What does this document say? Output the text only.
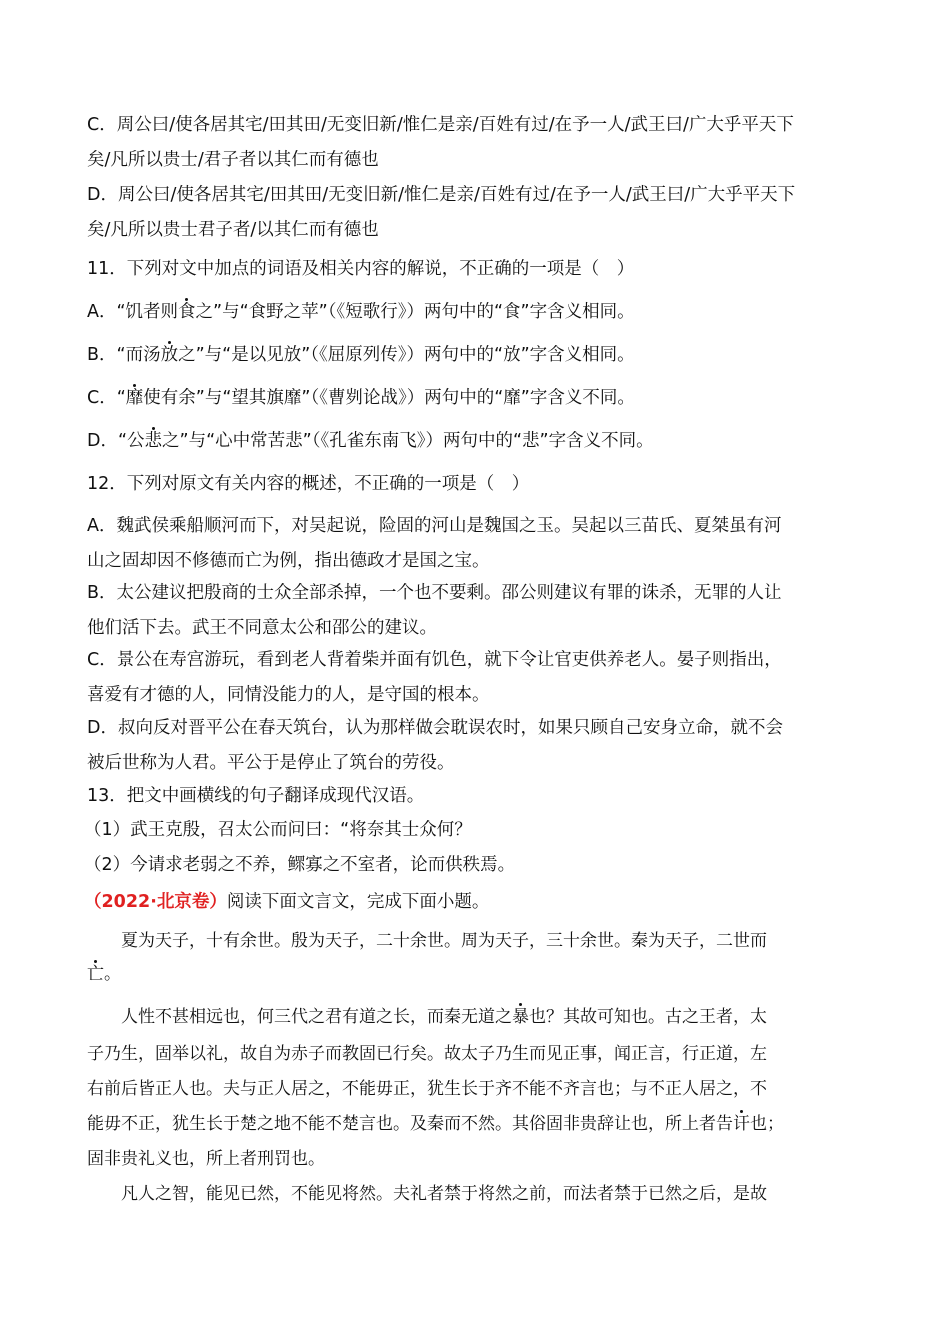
C．周公曰/使各居其宅/田其田/无变旧新/惟仁是亲/百姓有过/在予一人/武王曰/广大乎平天下
矣/凡所以贵士/君子者以其仁而有德也
D．周公曰/使各居其宅/田其田/无变旧新/惟仁是亲/百姓有过/在予一人/武王曰/广大乎平天下
矣/凡所以贵士君子者/以其仁而有德也
11．下列对文中加点的词语及相关内容的解说，不正确的一项是（　）
A．“饥者则食之”与“食野之苹”（《短歌行》）两句中的“食”字含义相同。
B．“而汤放之”与“是以见放”（《屈原列传》）两句中的“放”字含义相同。
C．“靡使有余”与“望其旗靡”（《曹刿论战》）两句中的“靡”字含义不同。
D．“公悲之”与“心中常苦悲”（《孔雀东南飞》）两句中的“悲”字含义不同。
12．下列对原文有关内容的概述，不正确的一项是（　）
A．魏武侯乘船顺河而下，对吴起说，险固的河山是魏国之玉。吴起以三苗氏、夏桀虽有河
山之固却因不修德而亡为例，指出德政才是国之宝。
B．太公建议把殷商的士众全部杀掉，一个也不要剩。邵公则建议有罪的诛杀，无罪的人让
他们活下去。武王不同意太公和邵公的建议。
C．景公在寿宫游玩，看到老人背着柴并面有饥色，就下令让官吏供养老人。晏子则指出，
喜爱有才德的人，同情没能力的人，是守国的根本。
D．叔向反对晋平公在春天筑台，认为那样做会耽误农时，如果只顾自己安身立命，就不会
被后世称为人君。平公于是停止了筑台的劳役。
13．把文中画横线的句子翻译成现代汉语。
（1）武王克殷，召太公而问曰：“将奈其士众何？
（2）今请求老弱之不养，鳏寡之不室者，论而供秩焉。
（2022·北京卷）阅读下面文言文，完成下面小题。
夏为天子，十有余世。殷为天子，二十余世。周为天子，三十余世。秦为天子，二世而
亡。
人性不甚相远也，何三代之君有道之长，而秦无道之暴也？其故可知也。古之王者，太
子乃生，固举以礼，故自为赤子而教固已行矣。故太子乃生而见正事，闻正言，行正道，左
右前后皆正人也。夫与正人居之，不能毋正，犹生长于齐不能不齐言也；与不正人居之，不
能毋不正，犹生长于楚之地不能不楚言也。及秦而不然。其俗固非贵辞让也，所上者告讦也；
固非贵礼义也，所上者刑罚也。
凡人之智，能见已然，不能见将然。夫礼者禁于将然之前，而法者禁于已然之后，是故
